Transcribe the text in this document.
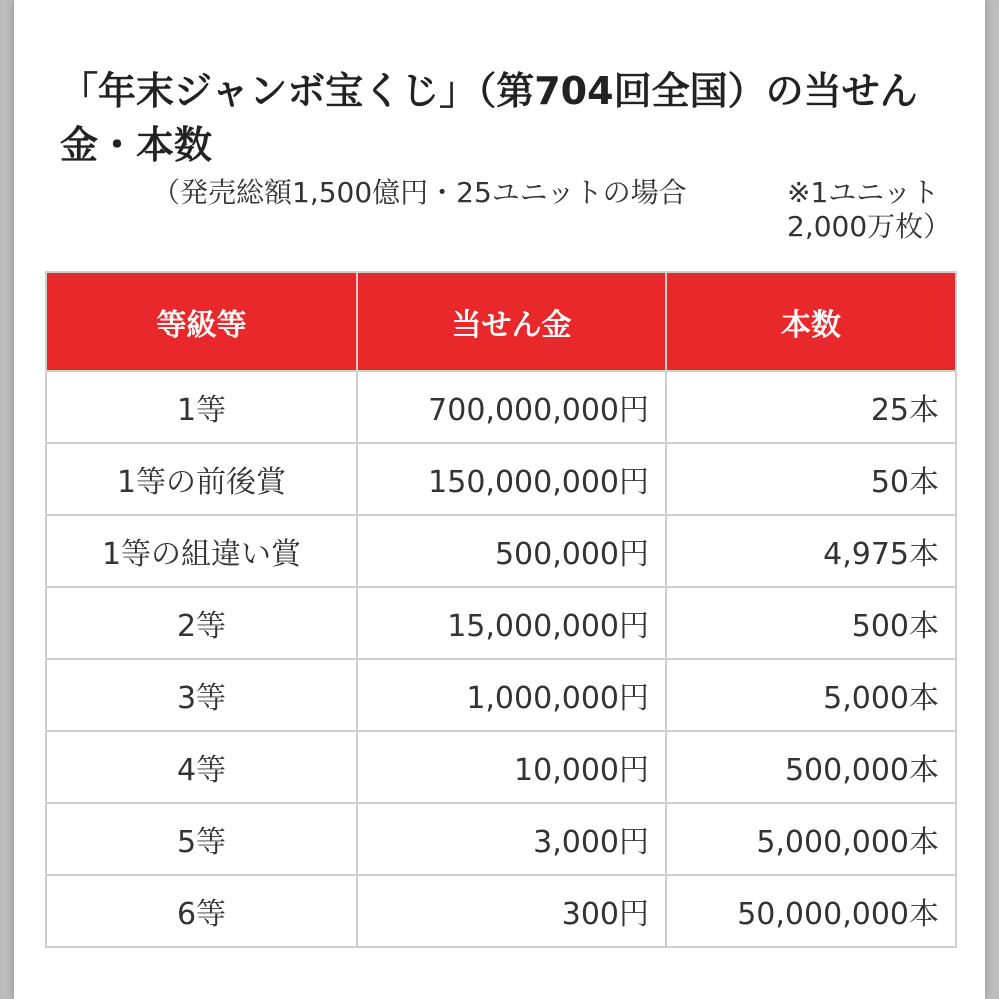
「年末ジャンボ宝くじ」（第704回全国）の当せん金・本数
（発売総額1,500億円・25ユニットの場合	※1ユニット
2,000万枚）
等級等	当せん金	本数
1等	700,000,000円	25本
1等の前後賞	150,000,000円	50本
1等の組違い賞	500,000円	4,975本
2等	15,000,000円	500本
3等	1,000,000円	5,000本
4等	10,000円	500,000本
5等	3,000円	5,000,000本
6等	300円	50,000,000本
